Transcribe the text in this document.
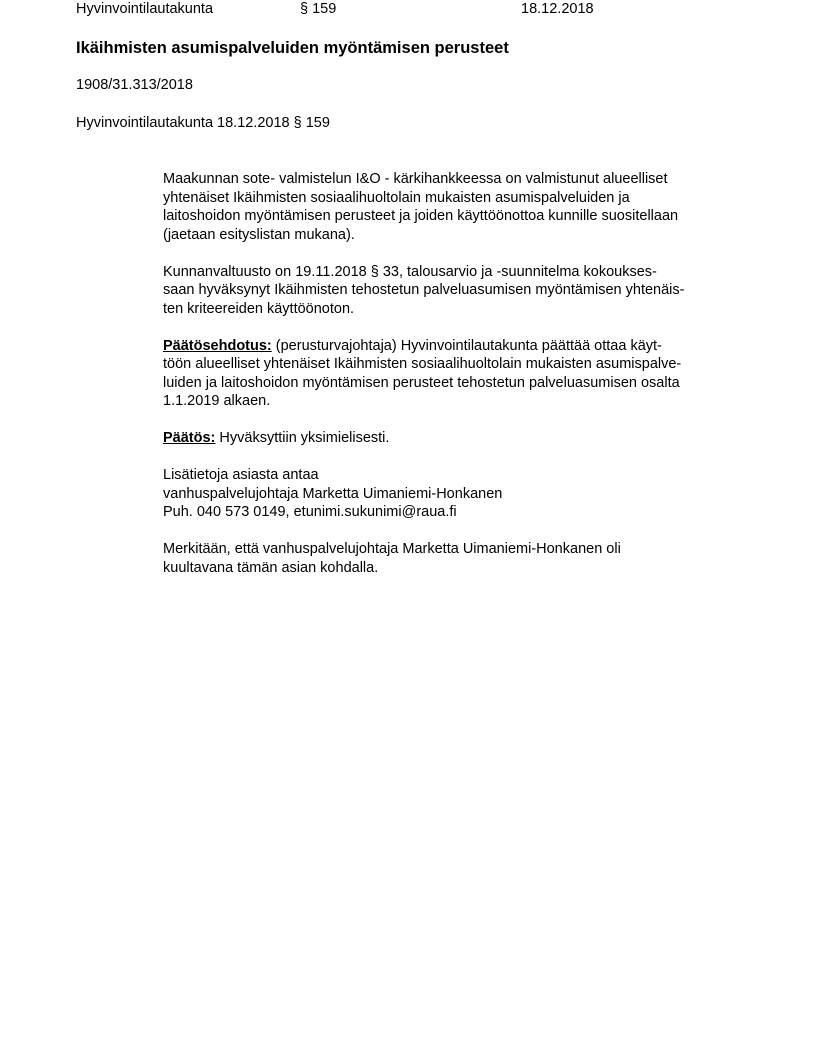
Hyvinvointilautakunta	§ 159	18.12.2018
Ikäihmisten asumispalveluiden myöntämisen perusteet
1908/31.313/2018
Hyvinvointilautakunta 18.12.2018 § 159

Maakunnan sote- valmistelun I&O - kärkihankkeessa on valmistunut alueelliset
yhtenäiset Ikäihmisten sosiaalihuoltolain mukaisten asumispalveluiden ja
laitoshoidon myöntämisen perusteet ja joiden käyttöönottoa kunnille suositellaan
(jaetaan esityslistan mukana).

Kunnanvaltuusto on 19.11.2018 § 33, talousarvio ja -suunnitelma kokoukses-
saan hyväksynyt Ikäihmisten tehostetun palveluasumisen myöntämisen yhtenäis-
ten kriteereiden käyttöönoton.

Päätösehdotus: (perusturvajohtaja) Hyvinvointilautakunta päättää ottaa käyt-
töön alueelliset yhtenäiset Ikäihmisten sosiaalihuoltolain mukaisten asumispalve-
luiden ja laitoshoidon myöntämisen perusteet tehostetun palveluasumisen osalta
1.1.2019 alkaen.

Päätös: Hyväksyttiin yksimielisesti.

Lisätietoja asiasta antaa
vanhuspalvelujohtaja Marketta Uimaniemi-Honkanen
Puh. 040 573 0149, etunimi.sukunimi@raua.fi

Merkitään, että vanhuspalvelujohtaja Marketta Uimaniemi-Honkanen oli
kuultavana tämän asian kohdalla.
